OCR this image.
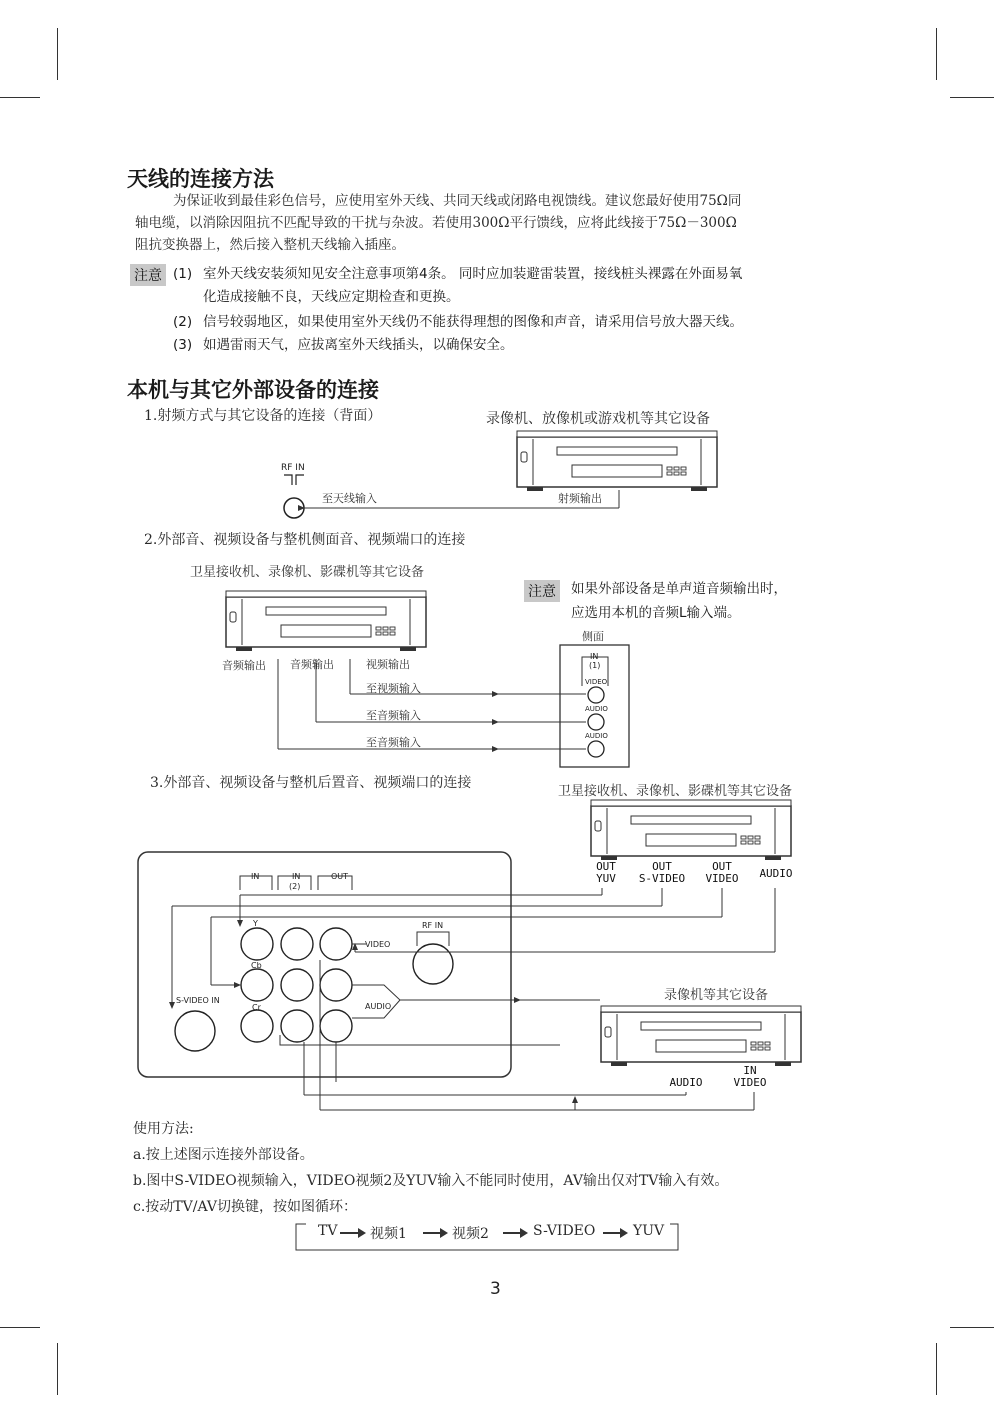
天线的连接方法
为保证收到最佳彩色信号，应使用室外天线、共同天线或闭路电视馈线。建议您最好使用75Ω同
轴电缆，以消除因阻抗不匹配导致的干扰与杂波。若使用300Ω平行馈线，应将此线接于75Ω－300Ω
阻抗变换器上，然后接入整机天线输入插座。
注意 (1) 室外天线安装须知见安全注意事项第4条。 同时应加装避雷装置，接线桩头裸露在外面易氧
化造成接触不良，天线应定期检查和更换。
(2) 信号较弱地区，如果使用室外天线仍不能获得理想的图像和声音，请采用信号放大器天线。
(3) 如遇雷雨天气，应拔离室外天线插头，以确保安全。
本机与其它外部设备的连接
1.射频方式与其它设备的连接（背面）	录像机、放像机或游戏机等其它设备
RF IN
至天线输入	射频输出
2.外部音、视频设备与整机侧面音、视频端口的连接
卫星接收机、录像机、影碟机等其它设备
注意 如果外部设备是单声道音频输出时，
应选用本机的音频L输入端。
侧面
音频输出 音频输出	视频输出
至视频输入
至音频输入
至音频输入
IN
(1)
VIDEO
AUDIO
AUDIO
3.外部音、视频设备与整机后置音、视频端口的连接
卫星接收机、录像机、影碟机等其它设备
OUT
YUV
OUT
S-VIDEO
OUT
VIDEO	AUDIO
IN	IN
(2)
OUT
Y
Cb
Cr
VIDEO
AUDIO
RF IN
S-VIDEO IN	录像机等其它设备
AUDIO
IN
VIDEO
使用方法:
a.按上述图示连接外部设备。
b.图中S-VIDEO视频输入，VIDEO视频2及YUV输入不能同时使用，AV输出仅对TV输入有效。
c.按动TV/AV切换键，按如图循环：
TV 视频1	视频2	S-VIDEO	YUV
3
